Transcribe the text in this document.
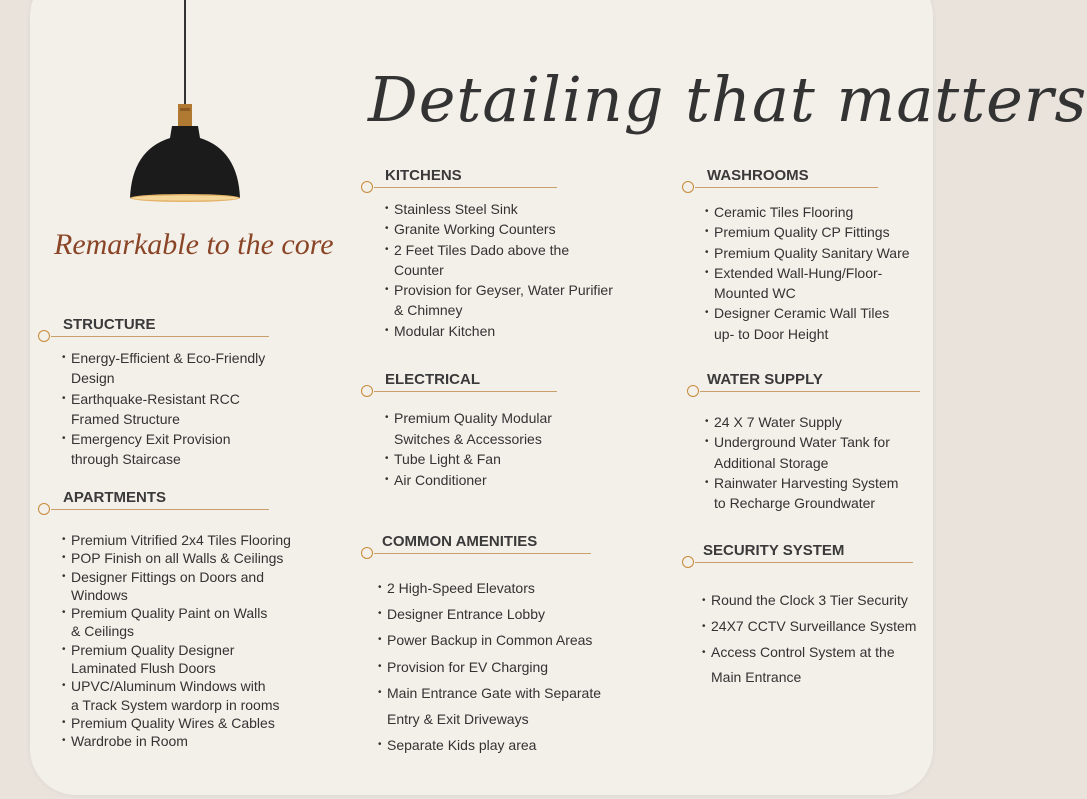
Detailing that matters
Remarkable to the core
STRUCTURE
• Energy-Efficient & Eco-Friendly
Design
• Earthquake-Resistant RCC
Framed Structure
• Emergency Exit Provision
through Staircase
APARTMENTS
• Premium Vitrified 2x4 Tiles Flooring
• POP Finish on all Walls & Ceilings
• Designer Fittings on Doors and
Windows
• Premium Quality Paint on Walls
& Ceilings
• Premium Quality Designer
Laminated Flush Doors
• UPVC/Aluminum Windows with
a Track System wardorp in rooms
• Premium Quality Wires & Cables
• Wardrobe in Room
KITCHENS
• Stainless Steel Sink
• Granite Working Counters
• 2 Feet Tiles Dado above the
Counter
• Provision for Geyser, Water Purifier
& Chimney
• Modular Kitchen
ELECTRICAL
• Premium Quality Modular
Switches & Accessories
• Tube Light & Fan
• Air Conditioner
COMMON AMENITIES
• 2 High-Speed Elevators
• Designer Entrance Lobby
• Power Backup in Common Areas
• Provision for EV Charging
• Main Entrance Gate with Separate
Entry & Exit Driveways
• Separate Kids play area
WASHROOMS
• Ceramic Tiles Flooring
• Premium Quality CP Fittings
• Premium Quality Sanitary Ware
• Extended Wall-Hung/Floor-
Mounted WC
• Designer Ceramic Wall Tiles
up- to Door Height
WATER SUPPLY
• 24 X 7 Water Supply
• Underground Water Tank for
Additional Storage
• Rainwater Harvesting System
to Recharge Groundwater
SECURITY SYSTEM
• Round the Clock 3 Tier Security
• 24X7 CCTV Surveillance System
• Access Control System at the
Main Entrance
